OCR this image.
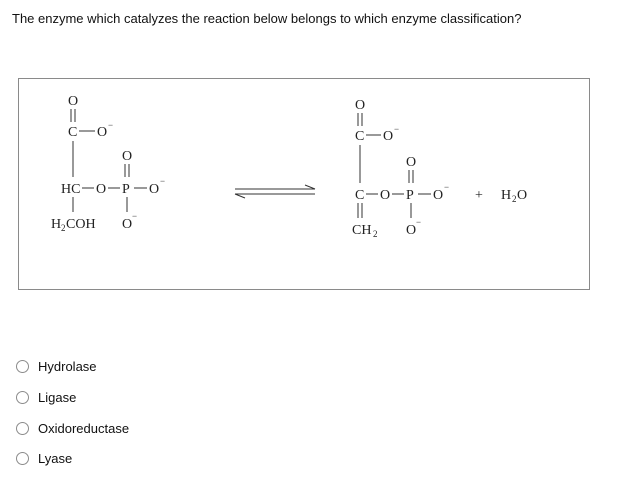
The enzyme which catalyzes the reaction below belongs to which enzyme classification?
O
C O −
HC O P O
−
O
O
−
H 2 COH
O
C O −
C O P O
−
O
O
−
CH 2
+ H 2 O
Hydrolase
Ligase
Oxidoreductase
Lyase
